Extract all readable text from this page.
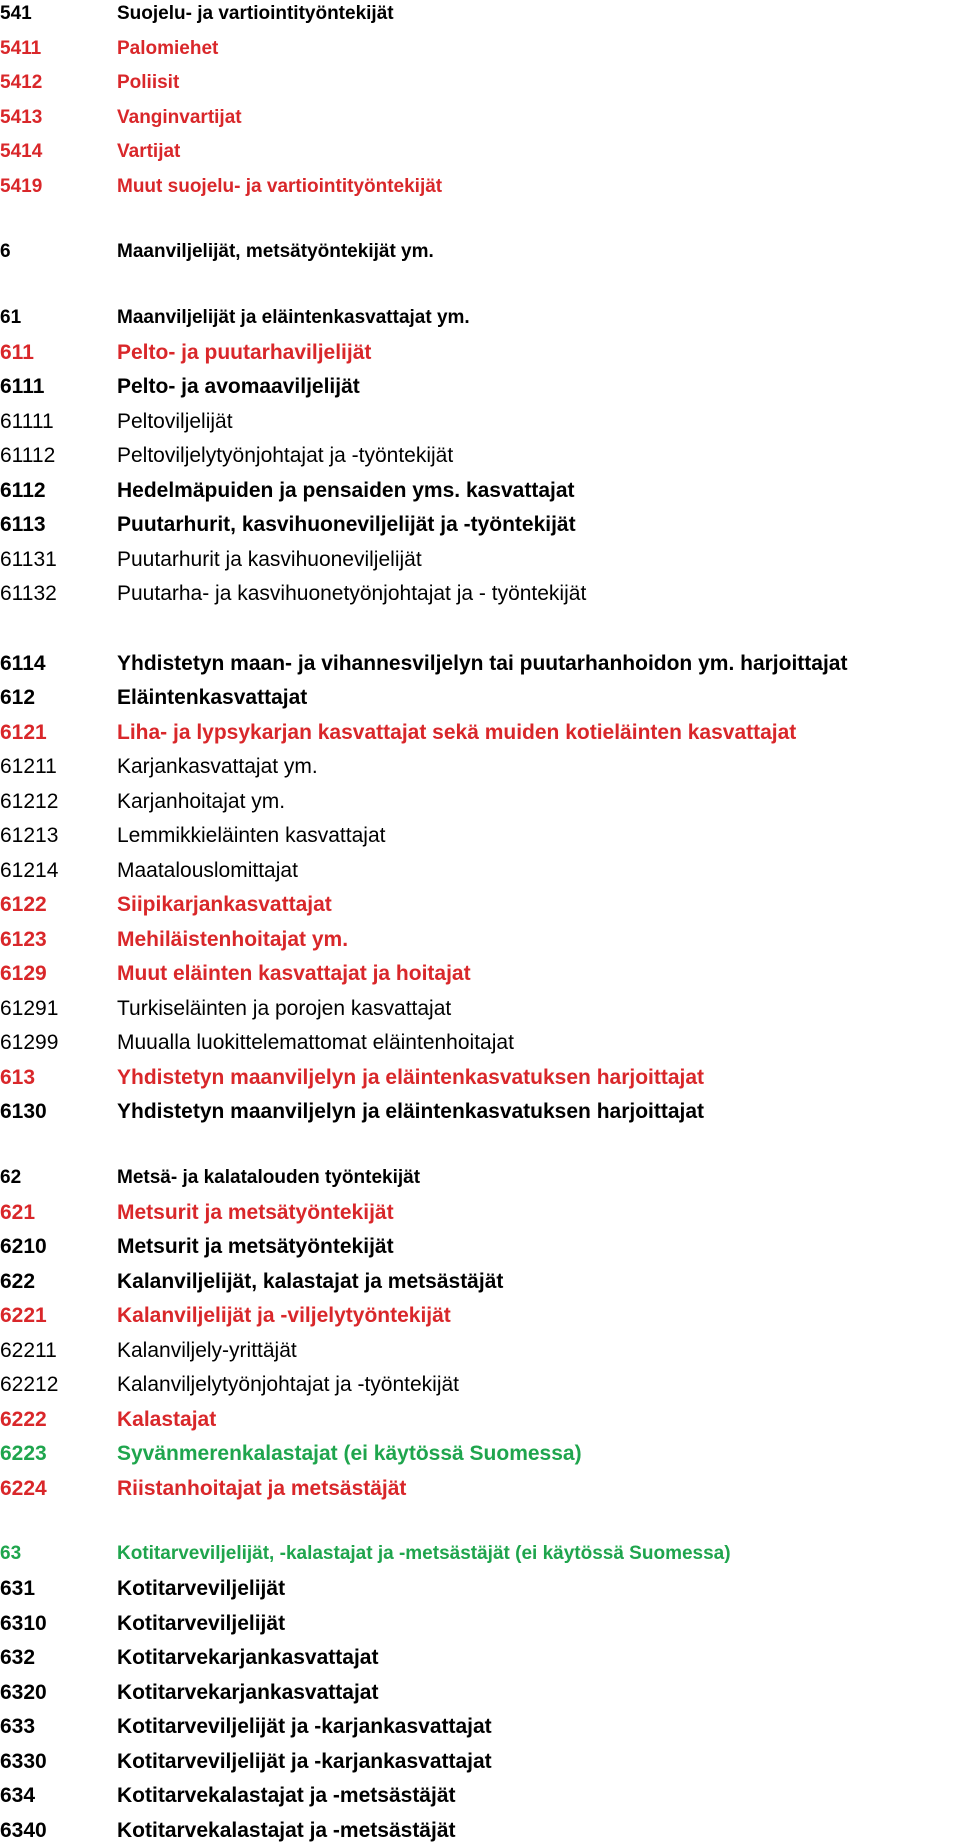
541	Suojelu- ja vartiointityöntekijät
5411	Palomiehet
5412	Poliisit
5413	Vanginvartijat
5414	Vartijat
5419	Muut suojelu- ja vartiointityöntekijät
6	Maanviljelijät, metsätyöntekijät ym.
61	Maanviljelijät ja eläintenkasvattajat ym.
611	Pelto- ja puutarhaviljelijät
6111	Pelto- ja avomaaviljelijät
61111	Peltoviljelijät
61112	Peltoviljelytyönjohtajat ja -työntekijät
6112	Hedelmäpuiden ja pensaiden yms. kasvattajat
6113	Puutarhurit, kasvihuoneviljelijät ja -työntekijät
61131	Puutarhurit ja kasvihuoneviljelijät
61132	Puutarha- ja kasvihuonetyönjohtajat ja - työntekijät
6114	Yhdistetyn maan- ja vihannesviljelyn tai puutarhanhoidon ym. harjoittajat
612	Eläintenkasvattajat
6121	Liha- ja lypsykarjan kasvattajat sekä muiden kotieläinten kasvattajat
61211	Karjankasvattajat ym.
61212	Karjanhoitajat ym.
61213	Lemmikkieläinten kasvattajat
61214	Maatalouslomittajat
6122	Siipikarjankasvattajat
6123	Mehiläistenhoitajat ym.
6129	Muut eläinten kasvattajat ja hoitajat
61291	Turkiseläinten ja porojen kasvattajat
61299	Muualla luokittelemattomat eläintenhoitajat
613	Yhdistetyn maanviljelyn ja eläintenkasvatuksen harjoittajat
6130	Yhdistetyn maanviljelyn ja eläintenkasvatuksen harjoittajat
62	Metsä- ja kalatalouden työntekijät
621	Metsurit ja metsätyöntekijät
6210	Metsurit ja metsätyöntekijät
622	Kalanviljelijät, kalastajat ja metsästäjät
6221	Kalanviljelijät ja -viljelytyöntekijät
62211	Kalanviljely-yrittäjät
62212	Kalanviljelytyönjohtajat ja -työntekijät
6222	Kalastajat
6223	Syvänmerenkalastajat (ei käytössä Suomessa)
6224	Riistanhoitajat ja metsästäjät
63	Kotitarveviljelijät, -kalastajat ja -metsästäjät (ei käytössä Suomessa)
631	Kotitarveviljelijät
6310	Kotitarveviljelijät
632	Kotitarvekarjankasvattajat
6320	Kotitarvekarjankasvattajat
633	Kotitarveviljelijät ja -karjankasvattajat
6330	Kotitarveviljelijät ja -karjankasvattajat
634	Kotitarvekalastajat ja -metsästäjät
6340	Kotitarvekalastajat ja -metsästäjät
